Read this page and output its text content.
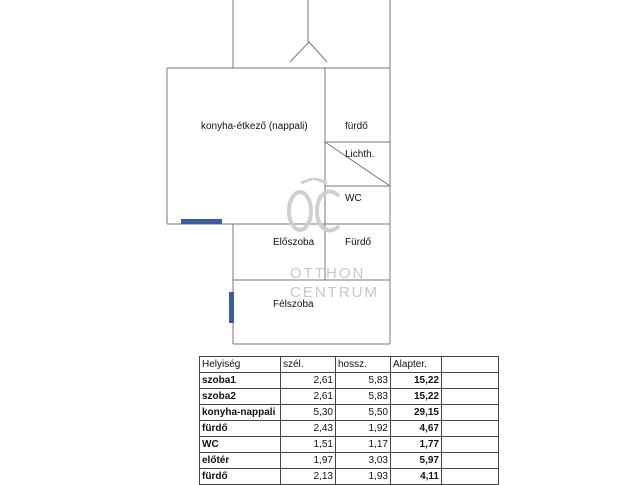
OTTHON
CENTRUM
konyha-étkező (nappali)	fürdő
Lichth.
WC
Előszoba	Fürdő
Félszoba
Helyiség	szél.	hossz.	Alapter.	
szoba1	2,61	5,83	15,22	
szoba2	2,61	5,83	15,22	
konyha-nappali	5,30	5,50	29,15	
fürdő	2,43	1,92	4,67	
WC	1,51	1,17	1,77	
előtér	1,97	3,03	5,97	
fürdő	2,13	1,93	4,11	
